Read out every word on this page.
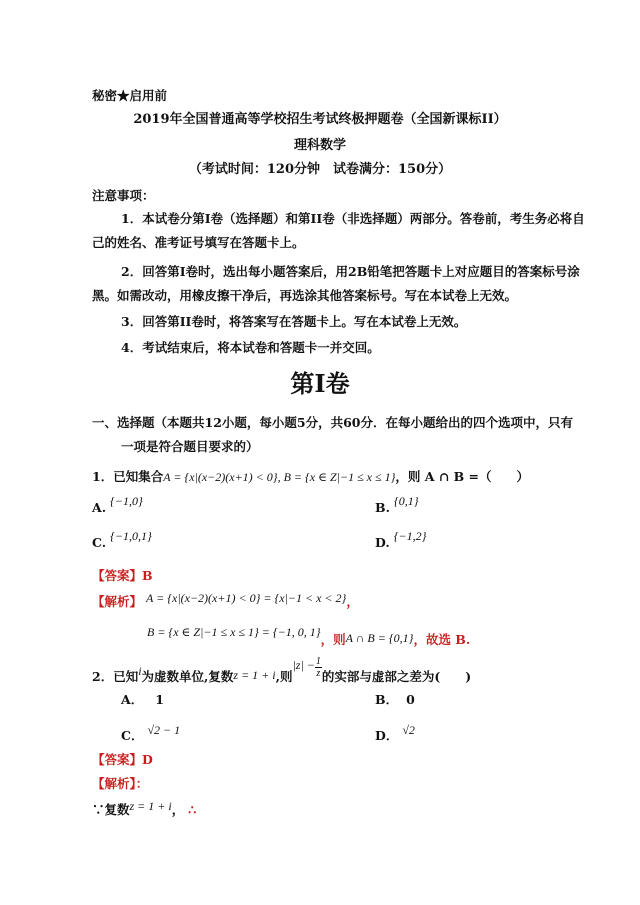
秘密★启用前
2019年全国普通高等学校招生考试终极押题卷（全国新课标II）
理科数学
（考试时间：120分钟　试卷满分：150分）
注意事项：
1．本试卷分第I卷（选择题）和第II卷（非选择题）两部分。答卷前，考生务必将自
己的姓名、准考证号填写在答题卡上。
2．回答第I卷时，选出每小题答案后，用2B铅笔把答题卡上对应题目的答案标号涂
黑。如需改动，用橡皮擦干净后，再选涂其他答案标号。写在本试卷上无效。
3．回答第II卷时，将答案写在答题卡上。写在本试卷上无效。
4．考试结束后，将本试卷和答题卡一并交回。
第I卷
一、选择题（本题共12小题，每小题5分，共60分．在每小题给出的四个选项中，只有
一项是符合题目要求的）
1．已知集合A = {x|(x−2)(x+1) < 0}, B = {x ∈ Z|−1 ≤ x ≤ 1}，则 A ∩ B =（　　）
A. {−1,0}	B. {0,1}
C. {−1,0,1}	D. {−1,2}
【答案】B
【解析】 A = {x|(x−2)(x+1) < 0} = {x|−1 < x < 2}，
B = {x ∈ Z|−1 ≤ x ≤ 1} = {−1, 0, 1}，则A ∩ B = {0,1}，故选 B.
2．已知i为虚数单位,复数z = 1 + i,则$|z| - \frac{1}{z}$ 的实部与虚部之差为(　　)
A． 1	B． 0
C． √2 − 1	D． √2
【答案】D
【解析】：
∵复数z = 1 + i， ∴
